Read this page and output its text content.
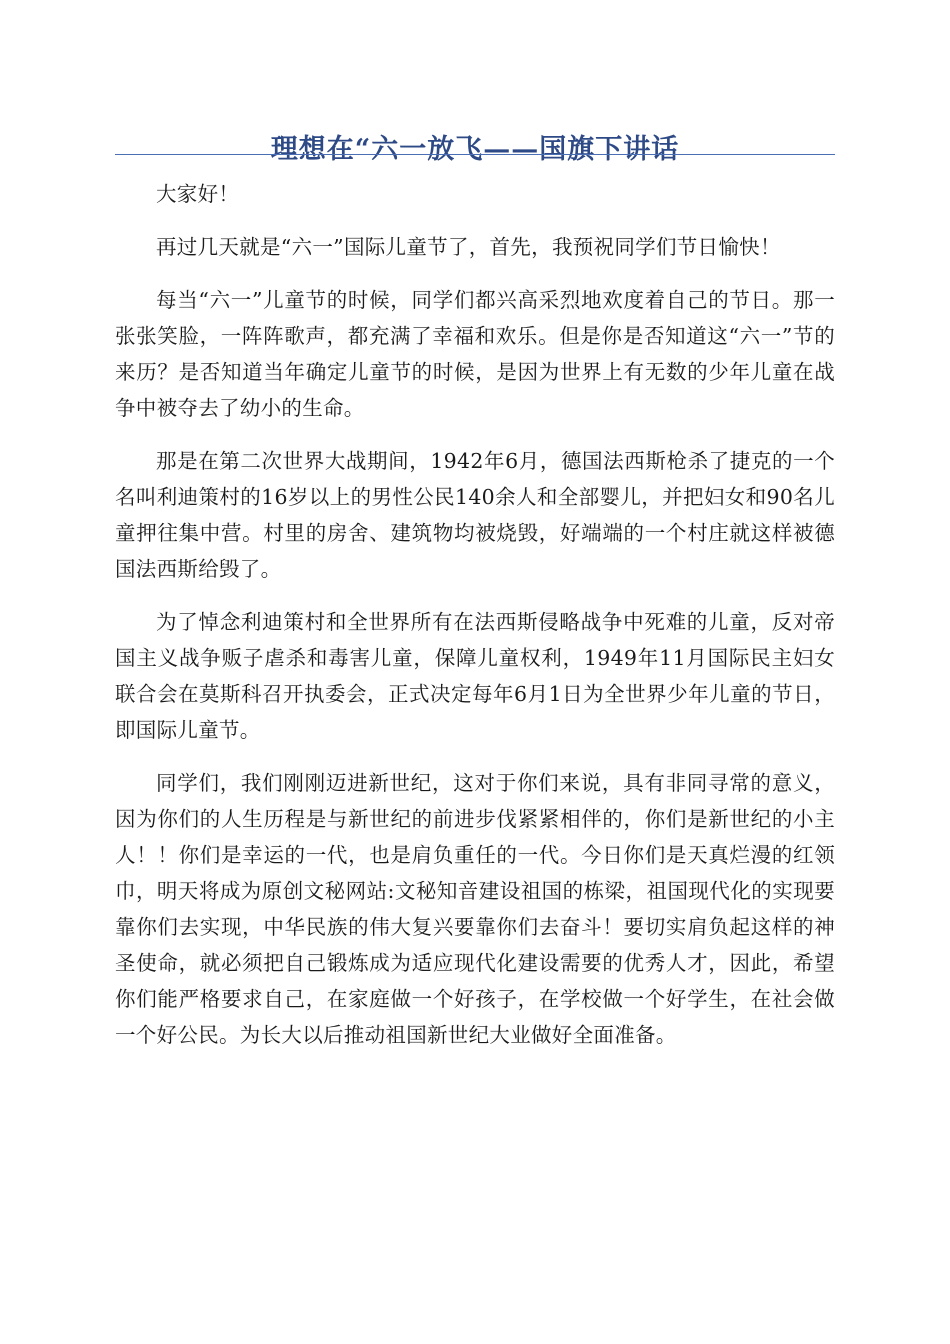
理想在“六一放飞——国旗下讲话

大家好！

再过几天就是“六一”国际儿童节了，首先，我预祝同学们节日愉快！

每当“六一”儿童节的时候，同学们都兴高采烈地欢度着自己的节日。那一张张笑脸，一阵阵歌声，都充满了幸福和欢乐。但是你是否知道这“六一”节的来历？是否知道当年确定儿童节的时候，是因为世界上有无数的少年儿童在战争中被夺去了幼小的生命。

那是在第二次世界大战期间，1942年6月，德国法西斯枪杀了捷克的一个名叫利迪策村的16岁以上的男性公民140余人和全部婴儿，并把妇女和90名儿童押往集中营。村里的房舍、建筑物均被烧毁，好端端的一个村庄就这样被德国法西斯给毁了。

为了悼念利迪策村和全世界所有在法西斯侵略战争中死难的儿童，反对帝国主义战争贩子虐杀和毒害儿童，保障儿童权利，1949年11月国际民主妇女联合会在莫斯科召开执委会，正式决定每年6月1日为全世界少年儿童的节日，即国际儿童节。

同学们，我们刚刚迈进新世纪，这对于你们来说，具有非同寻常的意义，因为你们的人生历程是与新世纪的前进步伐紧紧相伴的，你们是新世纪的小主人！！你们是幸运的一代，也是肩负重任的一代。今日你们是天真烂漫的红领巾，明天将成为原创文秘网站:文秘知音建设祖国的栋梁，祖国现代化的实现要靠你们去实现，中华民族的伟大复兴要靠你们去奋斗！要切实肩负起这样的神圣使命，就必须把自己锻炼成为适应现代化建设需要的优秀人才，因此，希望你们能严格要求自己，在家庭做一个好孩子，在学校做一个好学生，在社会做一个好公民。为长大以后推动祖国新世纪大业做好全面准备。
